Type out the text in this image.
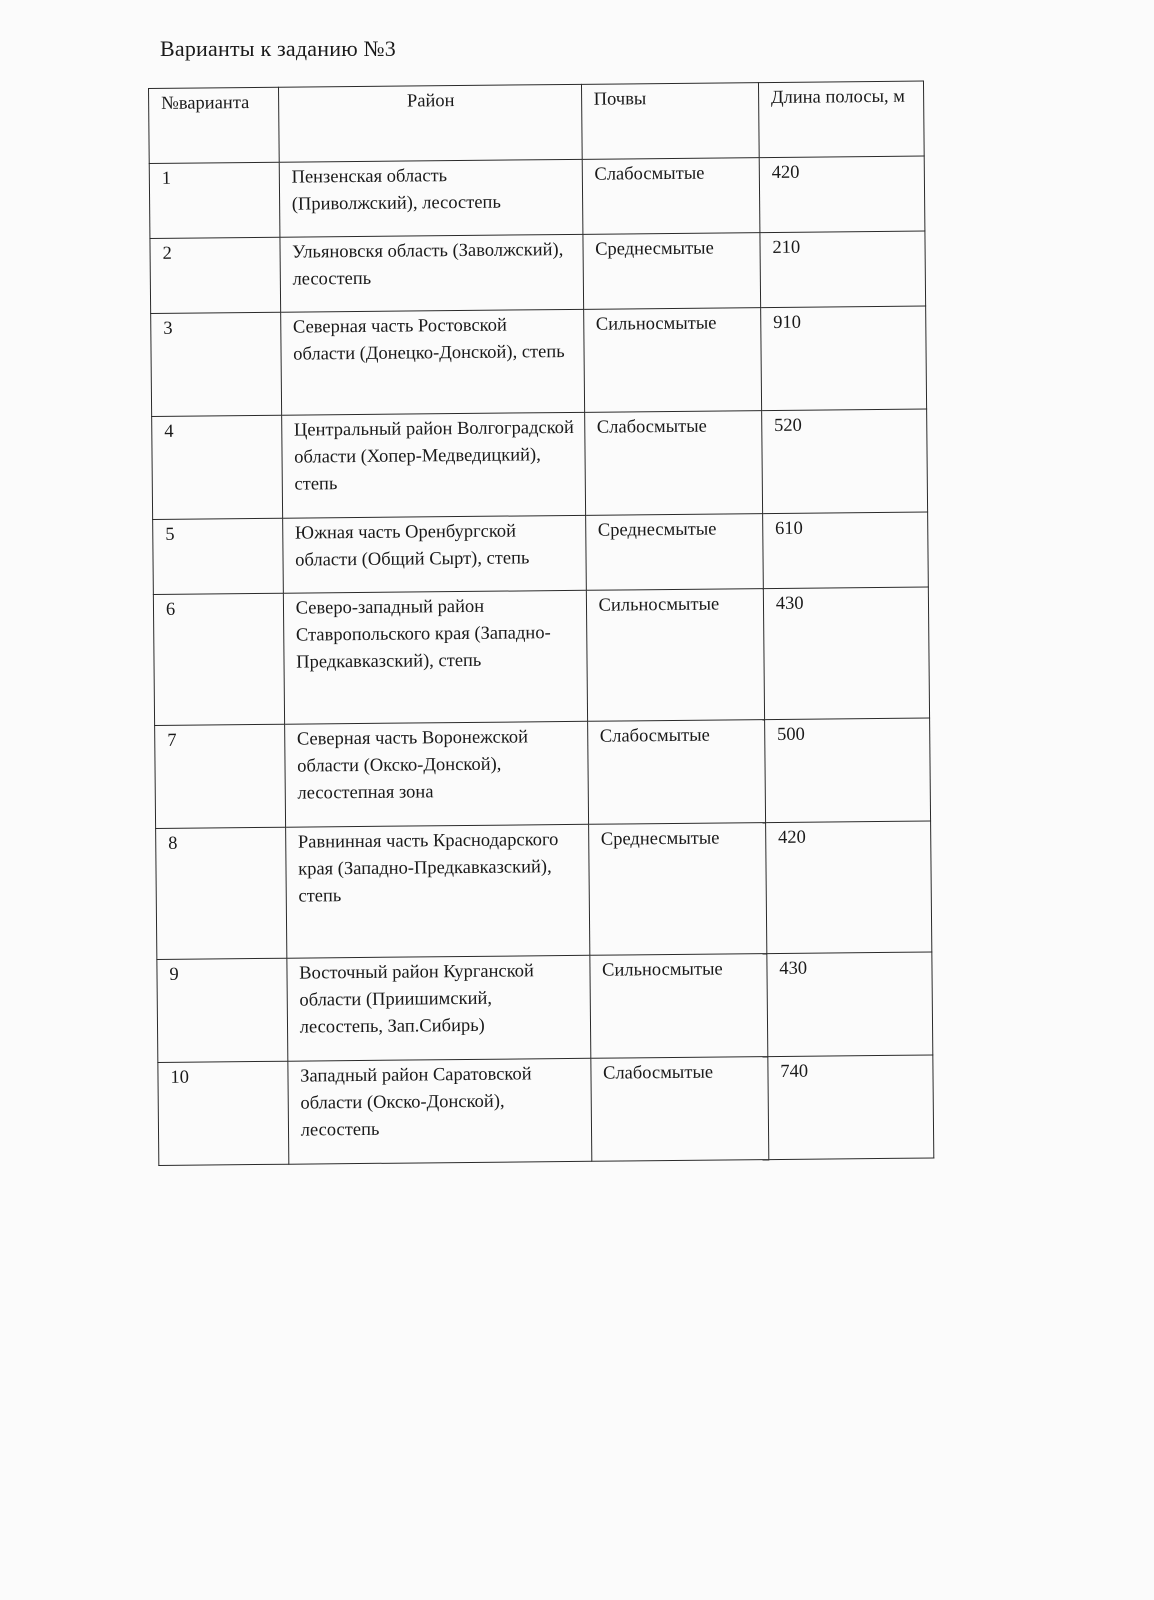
Варианты к заданию №3
№варианта	Район	Почвы	Длина полосы, м
1	Пензенская область (Приволжский), лесостепь	Слабосмытые	420
2	Ульяновскя область (Заволжский), лесостепь	Среднесмытые	210
3	Северная часть Ростовской области (Донецко-Донской), степь	Сильносмытые	910
4	Центральный район Волгоградской области (Хопер-Медведицкий), степь	Слабосмытые	520
5	Южная часть Оренбургской области (Общий Сырт), степь	Среднесмытые	610
6	Северо-западный район Ставропольского края (Западно-Предкавказский), степь	Сильносмытые	430
7	Северная часть Воронежской области (Окско-Донской), лесостепная зона	Слабосмытые	500
8	Равнинная часть Краснодарского края (Западно-Предкавказский), степь	Среднесмытые	420
9	Восточный район Курганской области (Приишимский, лесостепь, Зап.Сибирь)	Сильносмытые	430
10	Западный район Саратовской области (Окско-Донской), лесостепь	Слабосмытые	740
